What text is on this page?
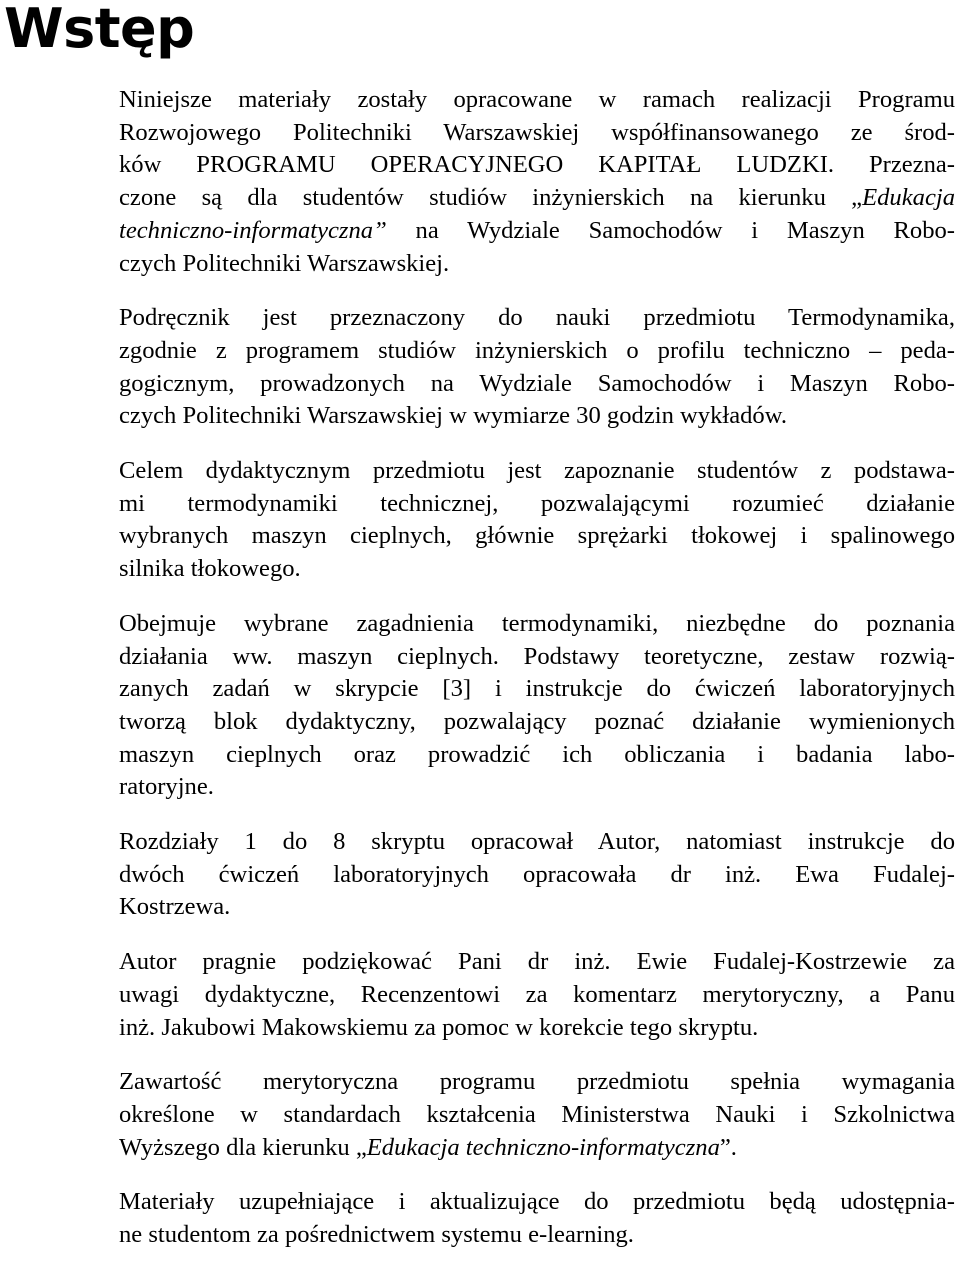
Wstęp

Niniejsze materiały zostały opracowane w ramach realizacji Programu
Rozwojowego Politechniki Warszawskiej współfinansowanego ze środ-
ków PROGRAMU OPERACYJNEGO KAPITAŁ LUDZKI. Przezna-
czone są dla studentów studiów inżynierskich na kierunku „Edukacja
techniczno-informatyczna” na Wydziale Samochodów i Maszyn Robo-
czych Politechniki Warszawskiej.

Podręcznik jest przeznaczony do nauki przedmiotu Termodynamika,
zgodnie z programem studiów inżynierskich o profilu techniczno – peda-
gogicznym, prowadzonych na Wydziale Samochodów i Maszyn Robo-
czych Politechniki Warszawskiej w wymiarze 30 godzin wykładów.

Celem dydaktycznym przedmiotu jest zapoznanie studentów z podstawa-
mi termodynamiki technicznej, pozwalającymi rozumieć działanie
wybranych maszyn cieplnych, głównie sprężarki tłokowej i spalinowego
silnika tłokowego.

Obejmuje wybrane zagadnienia termodynamiki, niezbędne do poznania
działania ww. maszyn cieplnych. Podstawy teoretyczne, zestaw rozwią-
zanych zadań w skrypcie [3] i instrukcje do ćwiczeń laboratoryjnych
tworzą blok dydaktyczny, pozwalający poznać działanie wymienionych
maszyn cieplnych oraz prowadzić ich obliczania i badania labo-
ratoryjne.

Rozdziały 1 do 8 skryptu opracował Autor, natomiast instrukcje do
dwóch ćwiczeń laboratoryjnych opracowała dr inż. Ewa Fudalej-
Kostrzewa.

Autor pragnie podziękować Pani dr inż. Ewie Fudalej-Kostrzewie za
uwagi dydaktyczne, Recenzentowi za komentarz merytoryczny, a Panu
inż. Jakubowi Makowskiemu za pomoc w korekcie tego skryptu.

Zawartość merytoryczna programu przedmiotu spełnia wymagania
określone w standardach kształcenia Ministerstwa Nauki i Szkolnictwa
Wyższego dla kierunku „Edukacja techniczno-informatyczna”.

Materiały uzupełniające i aktualizujące do przedmiotu będą udostępnia-
ne studentom za pośrednictwem systemu e-learning.
